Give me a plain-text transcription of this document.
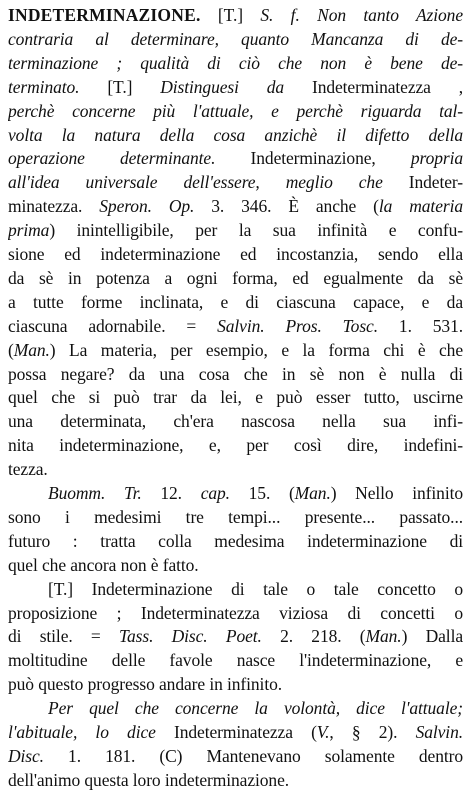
INDETERMINAZIONE. [T.] S. f. Non tanto Azione
contraria al determinare, quanto Mancanza di de-
terminazione ; qualità di ciò che non è bene de-
terminato. [T.] Distinguesi da Indeterminatezza ,
perchè concerne più l'attuale, e perchè riguarda tal-
volta la natura della cosa anzichè il difetto della
operazione determinante. Indeterminazione, propria
all'idea universale dell'essere, meglio che Indeter-
minatezza. Speron. Op. 3. 346. È anche (la materia
prima) inintelligibile, per la sua infinità e confu-
sione ed indeterminazione ed incostanzia, sendo ella
da sè in potenza a ogni forma, ed egualmente da sè
a tutte forme inclinata, e di ciascuna capace, e da
ciascuna adornabile. = Salvin. Pros. Tosc. 1. 531.
(Man.) La materia, per esempio, e la forma chi è che
possa negare? da una cosa che in sè non è nulla di
quel che si può trar da lei, e può esser tutto, uscirne
una determinata, ch'era nascosa nella sua infi-
nita indeterminazione, e, per così dire, indefini-
tezza.
Buomm. Tr. 12. cap. 15. (Man.) Nello infinito
sono i medesimi tre tempi... presente... passato...
futuro : tratta colla medesima indeterminazione di
quel che ancora non è fatto.
[T.] Indeterminazione di tale o tale concetto o
proposizione ; Indeterminatezza viziosa di concetti o
di stile. = Tass. Disc. Poet. 2. 218. (Man.) Dalla
moltitudine delle favole nasce l'indeterminazione, e
può questo progresso andare in infinito.
Per quel che concerne la volontà, dice l'attuale;
l'abituale, lo dice Indeterminatezza (V., § 2). Salvin.
Disc. 1. 181. (C) Mantenevano solamente dentro
dell'animo questa loro indeterminazione.
